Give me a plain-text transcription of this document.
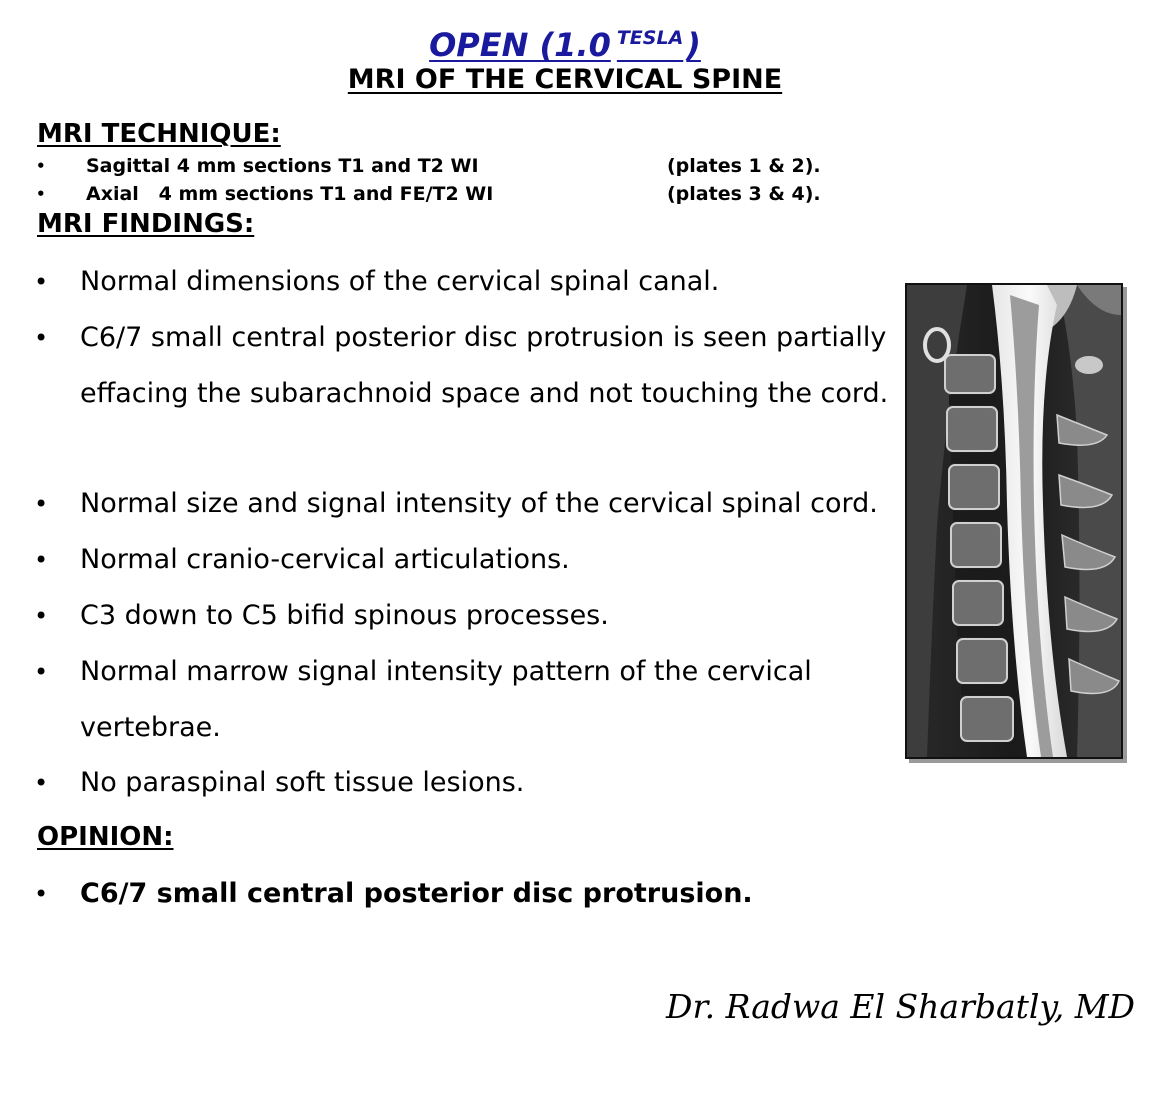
OPEN (1.0 $^{TESLA}$)
MRI OF THE CERVICAL SPINE
MRI TECHNIQUE:
• Sagittal 4 mm sections T1 and T2 WI	(plates 1 & 2).
• Axial   4 mm sections T1 and FE/T2 WI	(plates 3 & 4).
MRI FINDINGS:
• Normal dimensions of the cervical spinal canal.
• C6/7 small central posterior disc protrusion is seen partially effacing the subarachnoid space and not touching the cord.
• Normal size and signal intensity of the cervical spinal cord.
• Normal cranio-cervical articulations.
• C3 down to C5 bifid spinous processes.
• Normal marrow signal intensity pattern of the cervical vertebrae.
• No paraspinal soft tissue lesions.
OPINION:
• C6/7 small central posterior disc protrusion.
Dr. Radwa El Sharbatly, MD
